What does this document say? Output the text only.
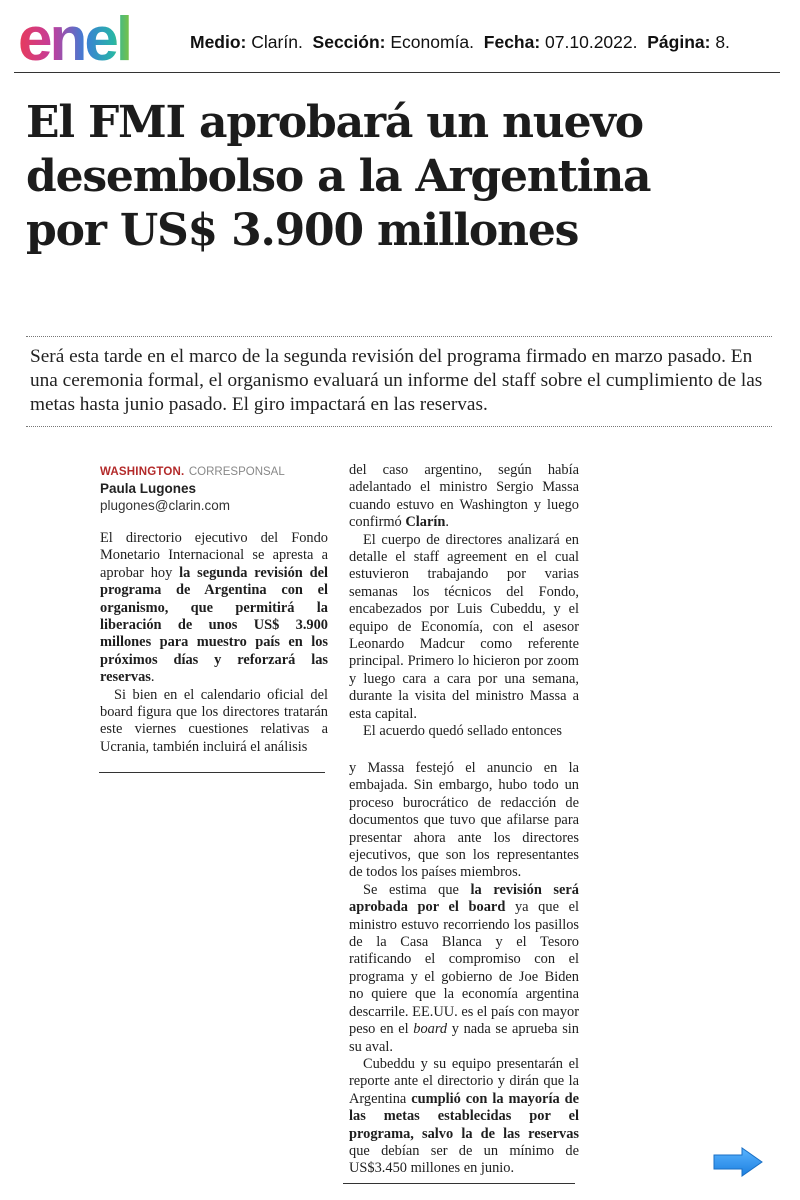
enel	Medio: Clarín. Sección: Economía. Fecha: 07.10.2022. Página: 8.
El FMI aprobará un nuevo
desembolso a la Argentina
por US$ 3.900 millones

Será esta tarde en el marco de la segunda revisión del programa firmado en marzo pasado. En una ceremonia formal, el organismo evaluará un informe del staff sobre el cumplimiento de las metas hasta junio pasado. El giro impactará en las reservas.

WASHINGTON. CORRESPONSAL
Paula Lugones
plugones@clarin.com

El directorio ejecutivo del Fondo Monetario Internacional se apresta a aprobar hoy la segunda revisión del programa de Argentina con el organismo, que permitirá la liberación de unos US$ 3.900 millones para muestro país en los próximos días y reforzará las reservas.

Si bien en el calendario oficial del board figura que los directores tratarán este viernes cuestiones relativas a Ucrania, también incluirá el análisis

del caso argentino, según había adelantado el ministro Sergio Massa cuando estuvo en Washington y luego confirmó Clarín.

El cuerpo de directores analizará en detalle el staff agreement en el cual estuvieron trabajando por varias semanas los técnicos del Fondo, encabezados por Luis Cubeddu, y el equipo de Economía, con el asesor Leonardo Madcur como referente principal. Primero lo hicieron por zoom y luego cara a cara por una semana, durante la visita del ministro Massa a esta capital.

El acuerdo quedó sellado entonces

y Massa festejó el anuncio en la embajada. Sin embargo, hubo todo un proceso burocrático de redacción de documentos que tuvo que afilarse para presentar ahora ante los directores ejecutivos, que son los representantes de todos los países miembros.

Se estima que la revisión será aprobada por el board ya que el ministro estuvo recorriendo los pasillos de la Casa Blanca y el Tesoro ratificando el compromiso con el programa y el gobierno de Joe Biden no quiere que la economía argentina descarrile. EE.UU. es el país con mayor peso en el board y nada se aprueba sin su aval.

Cubeddu y su equipo presentarán el reporte ante el directorio y dirán que la Argentina cumplió con la mayoría de las metas establecidas por el programa, salvo la de las reservas que debían ser de un mínimo de US$3.450 millones en junio.
